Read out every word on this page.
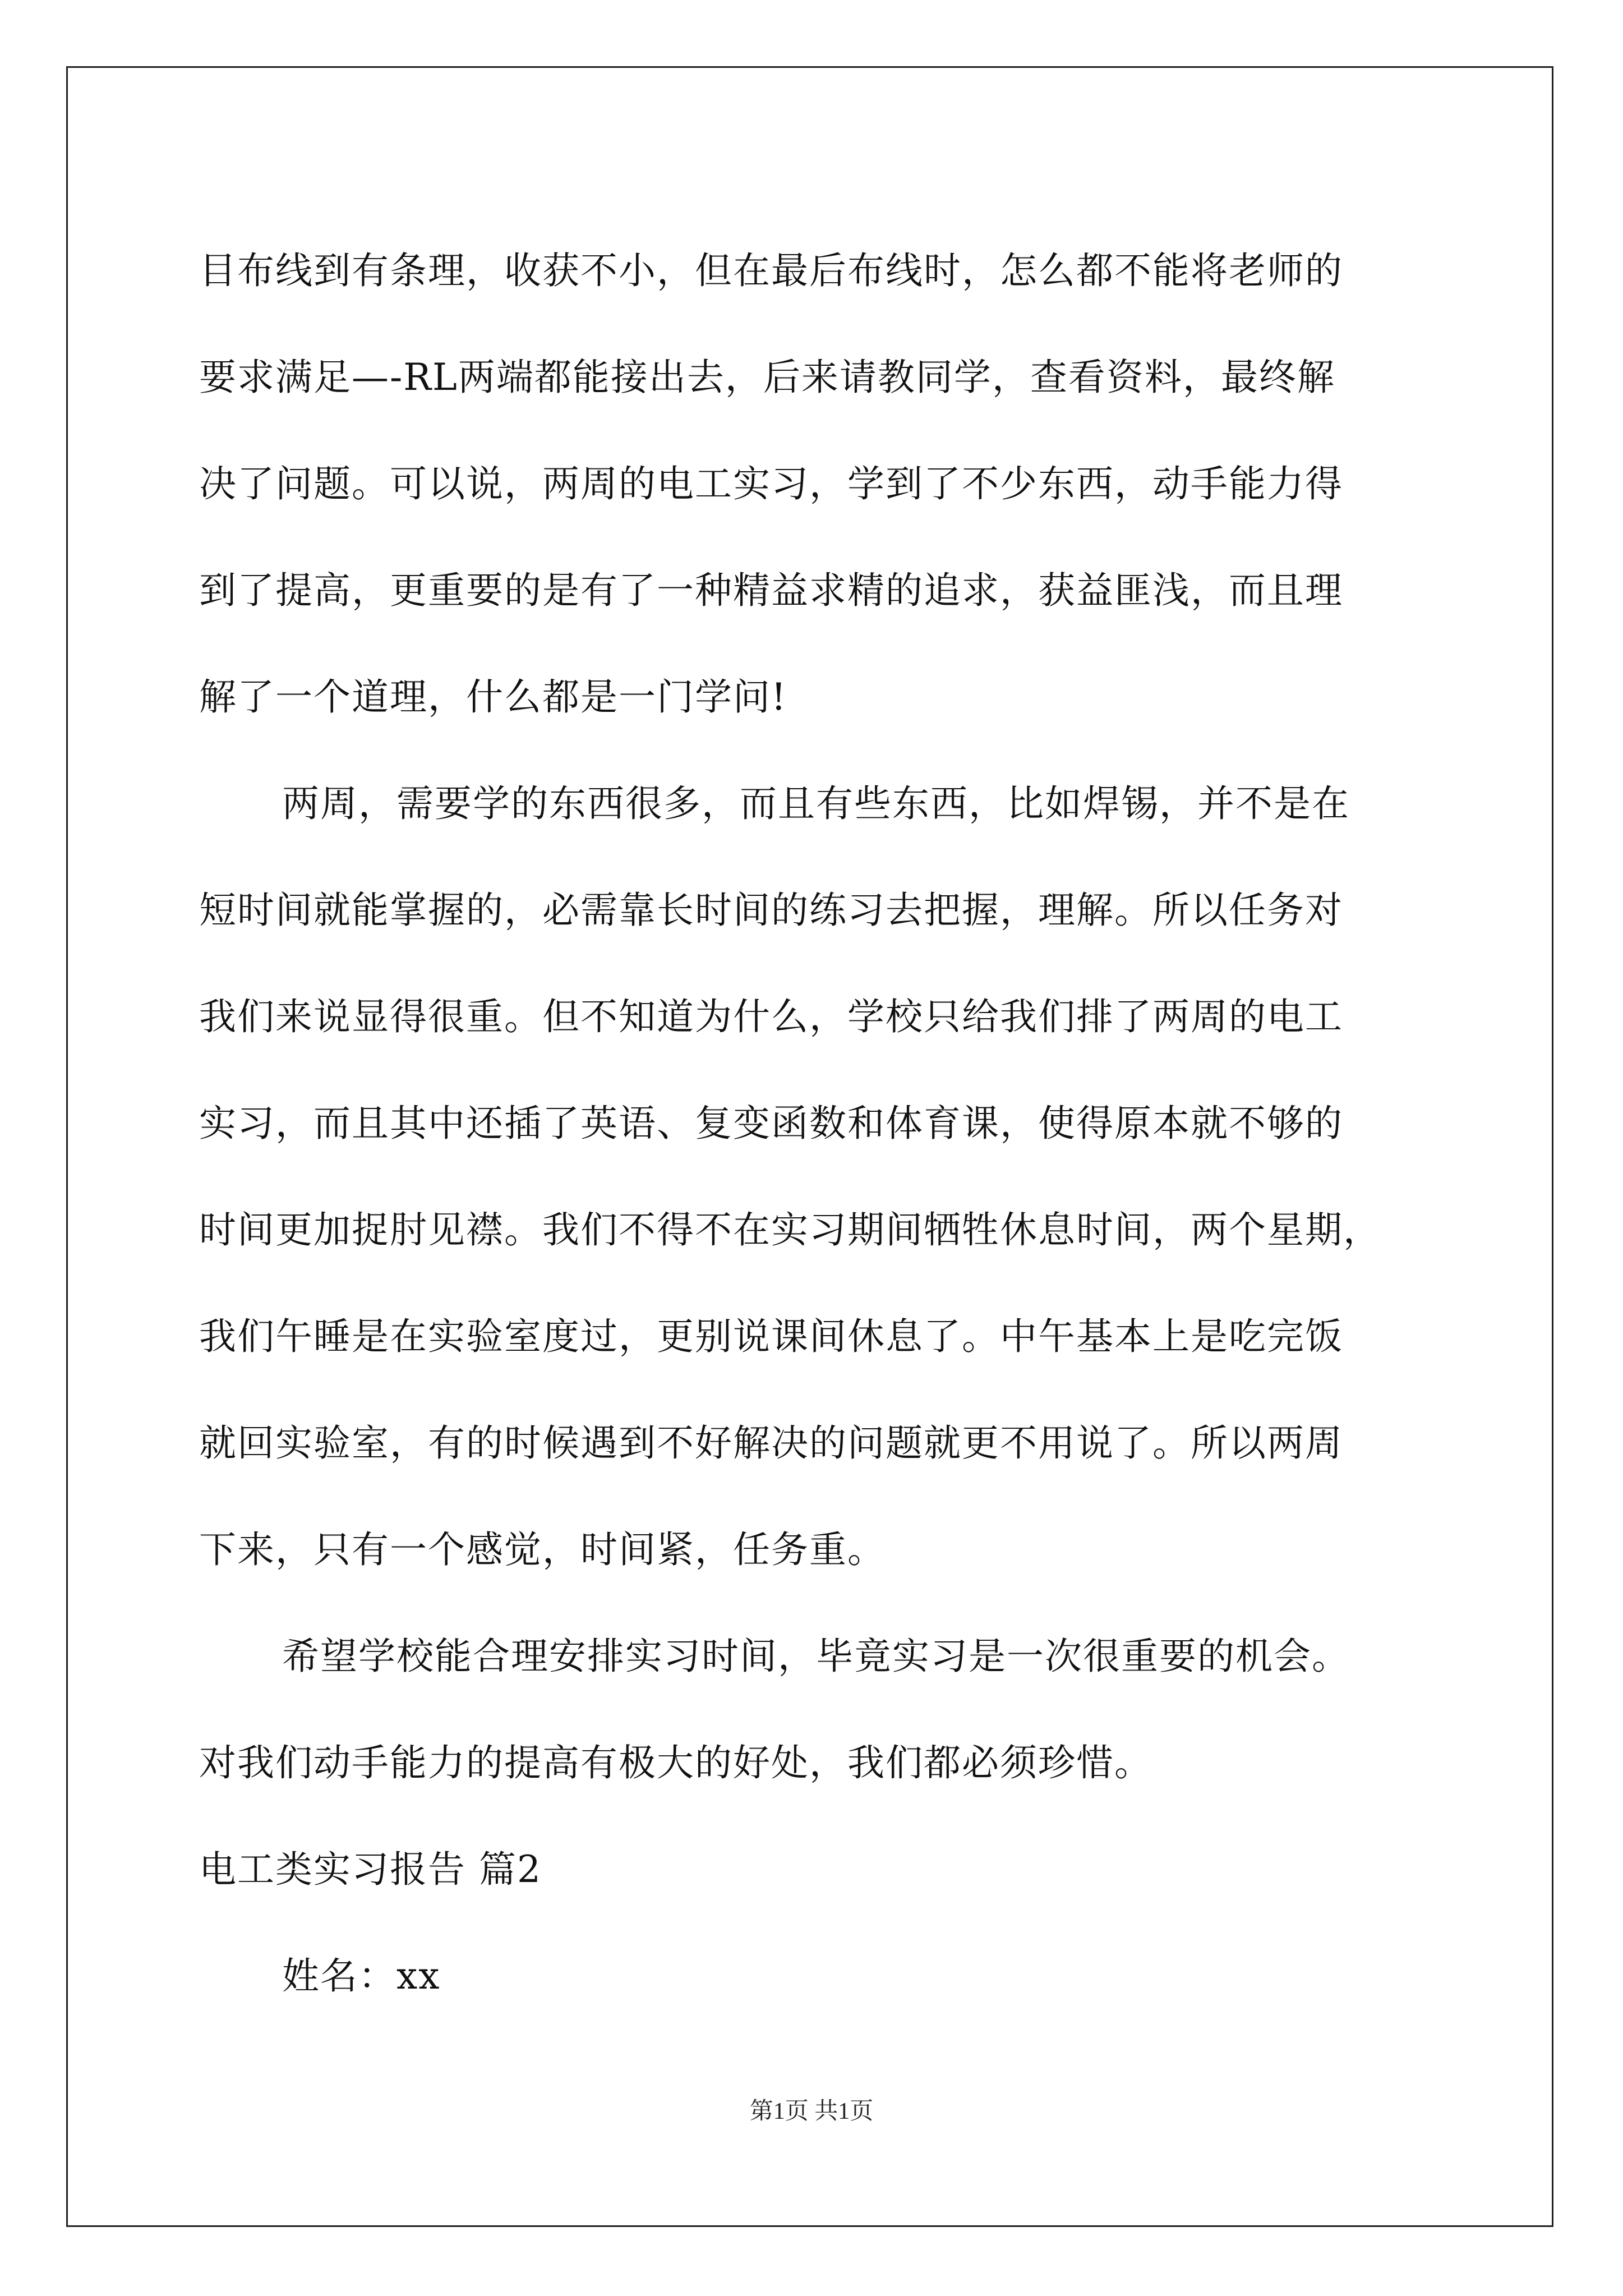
目布线到有条理，收获不小，但在最后布线时，怎么都不能将老师的
要求满足—-RL两端都能接出去，后来请教同学，查看资料，最终解
决了问题。可以说，两周的电工实习，学到了不少东西，动手能力得
到了提高，更重要的是有了一种精益求精的追求，获益匪浅，而且理
解了一个道理，什么都是一门学问!
两周，需要学的东西很多，而且有些东西，比如焊锡，并不是在
短时间就能掌握的，必需靠长时间的练习去把握，理解。所以任务对
我们来说显得很重。但不知道为什么，学校只给我们排了两周的电工
实习，而且其中还插了英语、复变函数和体育课，使得原本就不够的
时间更加捉肘见襟。我们不得不在实习期间牺牲休息时间，两个星期，
我们午睡是在实验室度过，更别说课间休息了。中午基本上是吃完饭
就回实验室，有的时候遇到不好解决的问题就更不用说了。所以两周
下来，只有一个感觉，时间紧，任务重。
希望学校能合理安排实习时间，毕竟实习是一次很重要的机会。
对我们动手能力的提高有极大的好处，我们都必须珍惜。
电工类实习报告 篇2
姓名：xx
第1页 共1页
